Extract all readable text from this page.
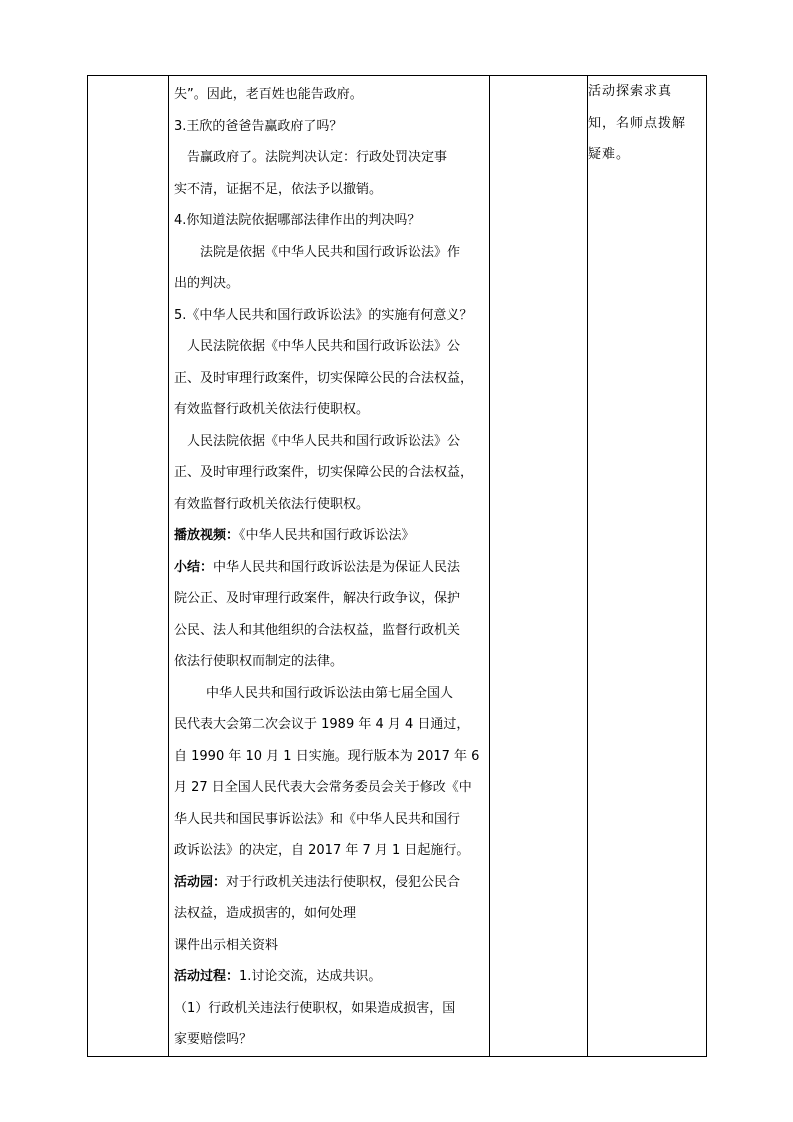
失”。因此，老百姓也能告政府。
3.王欣的爸爸告赢政府了吗？
告赢政府了。法院判决认定：行政处罚决定事
实不清，证据不足，依法予以撤销。
4.你知道法院依据哪部法律作出的判决吗？
法院是依据《中华人民共和国行政诉讼法》作
出的判决。
5.《中华人民共和国行政诉讼法》的实施有何意义？
人民法院依据《中华人民共和国行政诉讼法》公
正、及时审理行政案件，切实保障公民的合法权益，
有效监督行政机关依法行使职权。
人民法院依据《中华人民共和国行政诉讼法》公
正、及时审理行政案件，切实保障公民的合法权益，
有效监督行政机关依法行使职权。
播放视频：《中华人民共和国行政诉讼法》
小结：中华人民共和国行政诉讼法是为保证人民法
院公正、及时审理行政案件，解决行政争议，保护
公民、法人和其他组织的合法权益，监督行政机关
依法行使职权而制定的法律。
中华人民共和国行政诉讼法由第七届全国人
民代表大会第二次会议于 1989 年 4 月 4 日通过，
自 1990 年 10 月 1 日实施。现行版本为 2017 年 6
月 27 日全国人民代表大会常务委员会关于修改《中
华人民共和国民事诉讼法》和《中华人民共和国行
政诉讼法》的决定，自 2017 年 7 月 1 日起施行。
活动园：对于行政机关违法行使职权，侵犯公民合
法权益，造成损害的，如何处理
课件出示相关资料
活动过程：1.讨论交流，达成共识。
（1）行政机关违法行使职权，如果造成损害，国
家要赔偿吗？

活动探索求真
知，名师点拨解
疑难。
